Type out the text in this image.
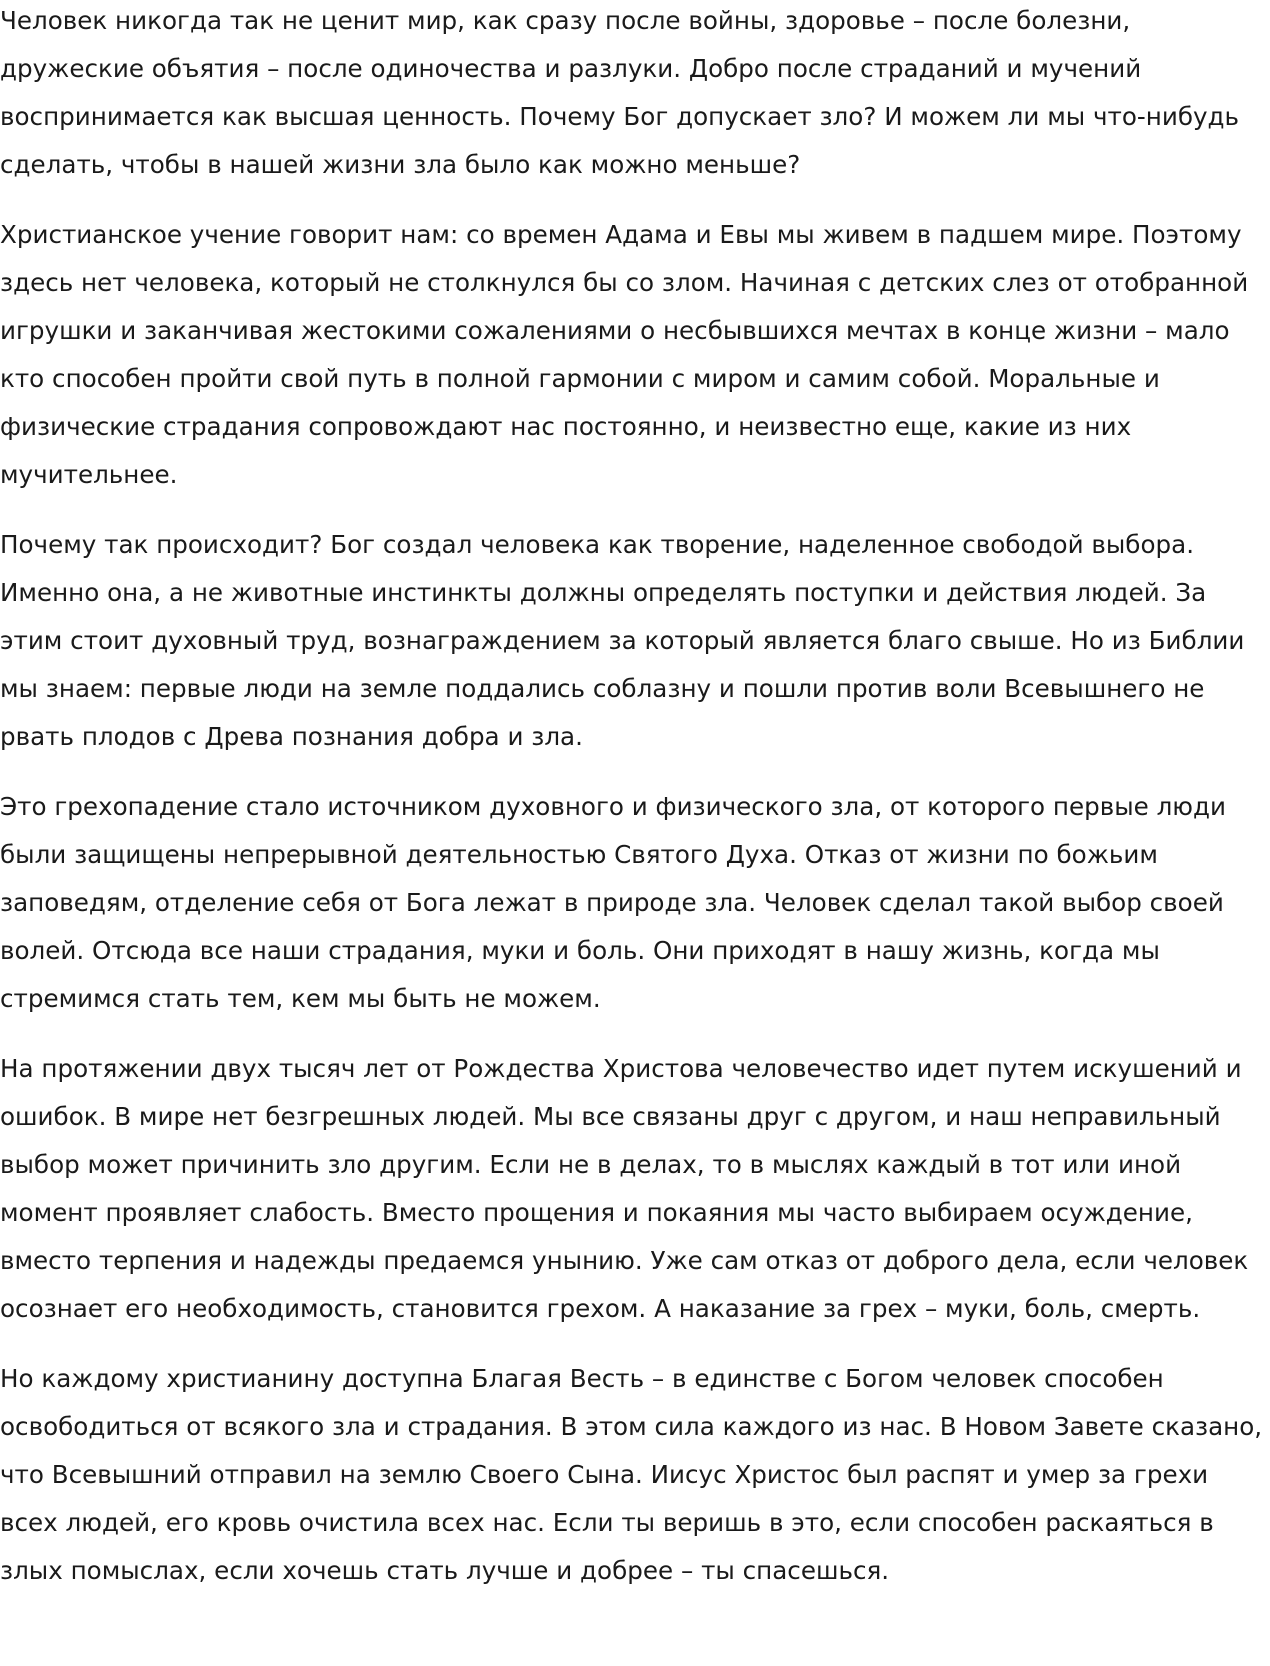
Человек никогда так не ценит мир, как сразу после войны, здоровье – после болезни, дружеские объятия – после одиночества и разлуки. Добро после страданий и мучений воспринимается как высшая ценность. Почему Бог допускает зло? И можем ли мы что-нибудь сделать, чтобы в нашей жизни зла было как можно меньше?

Христианское учение говорит нам: со времен Адама и Евы мы живем в падшем мире. Поэтому здесь нет человека, который не столкнулся бы со злом. Начиная с детских слез от отобранной игрушки и заканчивая жестокими сожалениями о несбывшихся мечтах в конце жизни – мало кто способен пройти свой путь в полной гармонии с миром и самим собой. Моральные и физические страдания сопровождают нас постоянно, и неизвестно еще, какие из них мучительнее.

Почему так происходит? Бог создал человека как творение, наделенное свободой выбора. Именно она, а не животные инстинкты должны определять поступки и действия людей. За этим стоит духовный труд, вознаграждением за который является благо свыше. Но из Библии мы знаем: первые люди на земле поддались соблазну и пошли против воли Всевышнего не рвать плодов с Древа познания добра и зла.

Это грехопадение стало источником духовного и физического зла, от которого первые люди были защищены непрерывной деятельностью Святого Духа. Отказ от жизни по божьим заповедям, отделение себя от Бога лежат в природе зла. Человек сделал такой выбор своей волей. Отсюда все наши страдания, муки и боль. Они приходят в нашу жизнь, когда мы стремимся стать тем, кем мы быть не можем.

На протяжении двух тысяч лет от Рождества Христова человечество идет путем искушений и ошибок. В мире нет безгрешных людей. Мы все связаны друг с другом, и наш неправильный выбор может причинить зло другим. Если не в делах, то в мыслях каждый в тот или иной момент проявляет слабость. Вместо прощения и покаяния мы часто выбираем осуждение, вместо терпения и надежды предаемся унынию. Уже сам отказ от доброго дела, если человек осознает его необходимость, становится грехом. А наказание за грех – муки, боль, смерть.

Но каждому христианину доступна Благая Весть – в единстве с Богом человек способен освободиться от всякого зла и страдания. В этом сила каждого из нас. В Новом Завете сказано, что Всевышний отправил на землю Своего Сына. Иисус Христос был распят и умер за грехи всех людей, его кровь очистила всех нас. Если ты веришь в это, если способен раскаяться в злых помыслах, если хочешь стать лучше и добрее – ты спасешься.
